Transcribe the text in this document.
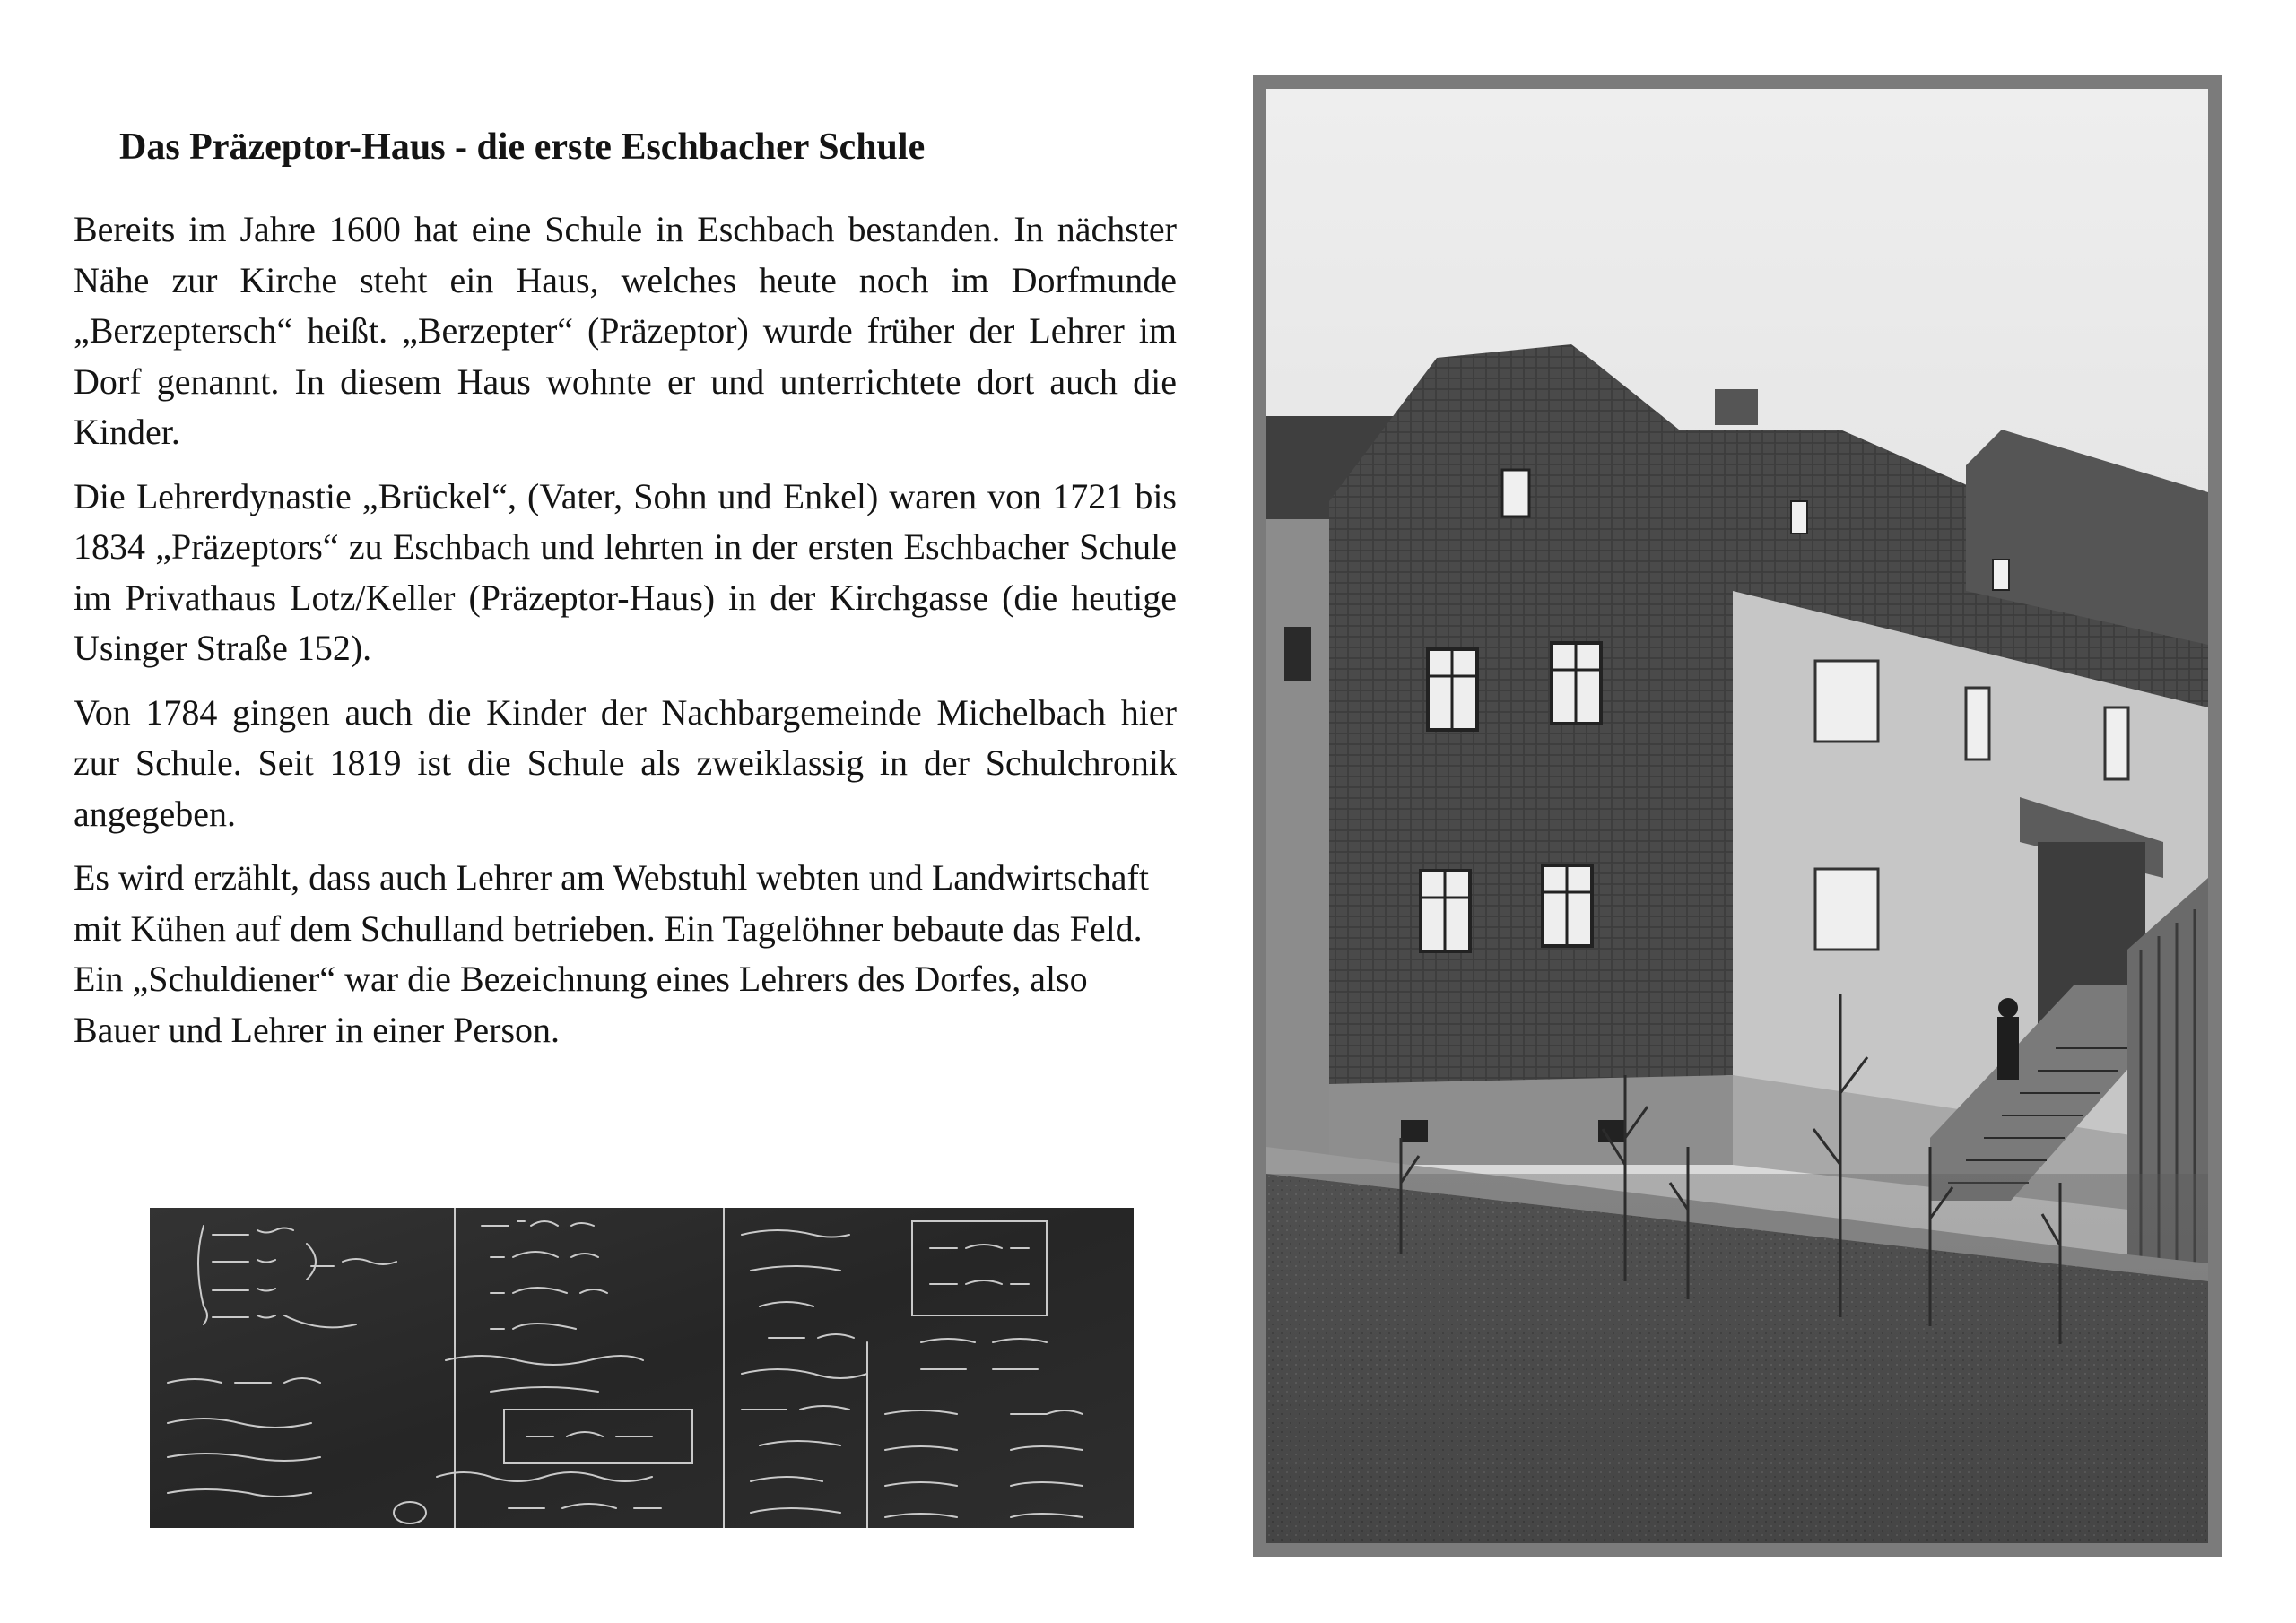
Das Präzeptor-Haus - die erste Eschbacher Schule

Bereits im Jahre 1600 hat eine Schule in Eschbach bestanden. In nächster Nähe zur Kirche steht ein Haus, welches heute noch im Dorfmunde „Berzeptersch“ heißt. „Berzepter“ (Präzeptor) wurde früher der Lehrer im Dorf genannt. In diesem Haus wohnte er und unterrichtete dort auch die Kinder.

Die Lehrerdynastie „Brückel“, (Vater, Sohn und Enkel) waren von 1721 bis 1834 „Präzeptors“ zu Eschbach und lehrten in der ersten Eschbacher Schule im Privathaus Lotz/Keller (Präzeptor-Haus) in der Kirchgasse (die heutige Usinger Straße 152).

Von 1784 gingen auch die Kinder der Nachbargemeinde Michelbach hier zur Schule. Seit 1819 ist die Schule als zweiklassig in der Schulchronik angegeben.

Es wird erzählt, dass auch Lehrer am Webstuhl webten und Landwirtschaft mit Kühen auf dem Schulland betrieben. Ein Tagelöhner bebaute das Feld. Ein „Schuldiener“ war die Bezeichnung eines Lehrers des Dorfes, also Bauer und Lehrer in einer Person.
